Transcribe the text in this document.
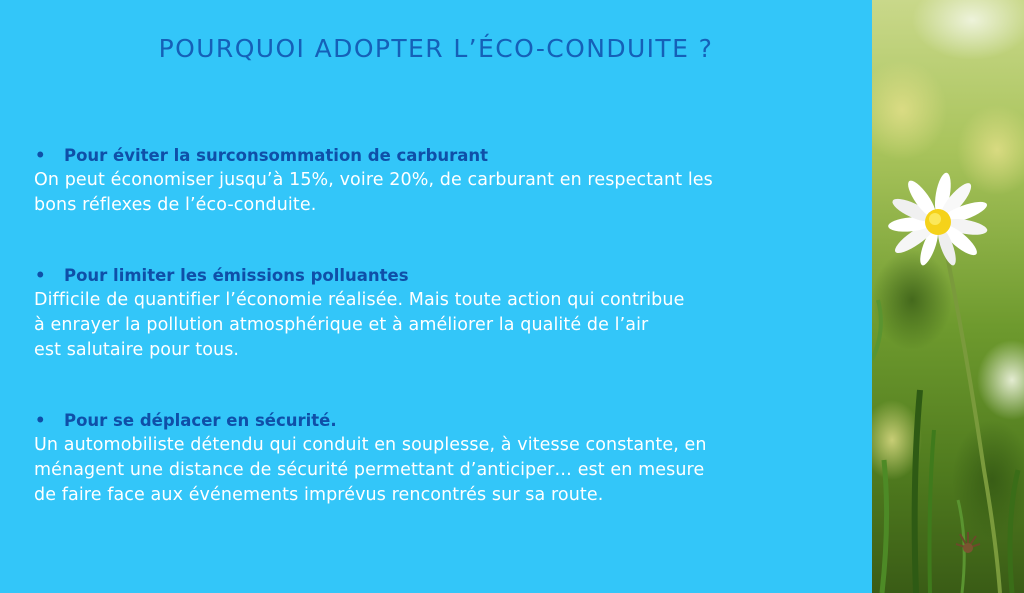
POURQUOI ADOPTER L’ÉCO-CONDUITE ?

•	Pour éviter la surconsommation de carburant

On peut économiser jusqu’à 15%, voire 20%, de carburant en respectant les
bons réflexes de l’éco-conduite.

•	Pour limiter les émissions polluantes

Difficile de quantifier l’économie réalisée. Mais toute action qui contribue
à enrayer la pollution atmosphérique et à améliorer la qualité de l’air
est salutaire pour tous.

•	Pour se déplacer en sécurité.

Un automobiliste détendu qui conduit en souplesse, à vitesse constante, en
ménagent une distance de sécurité permettant d’anticiper… est en mesure
de faire face aux événements imprévus rencontrés sur sa route.
